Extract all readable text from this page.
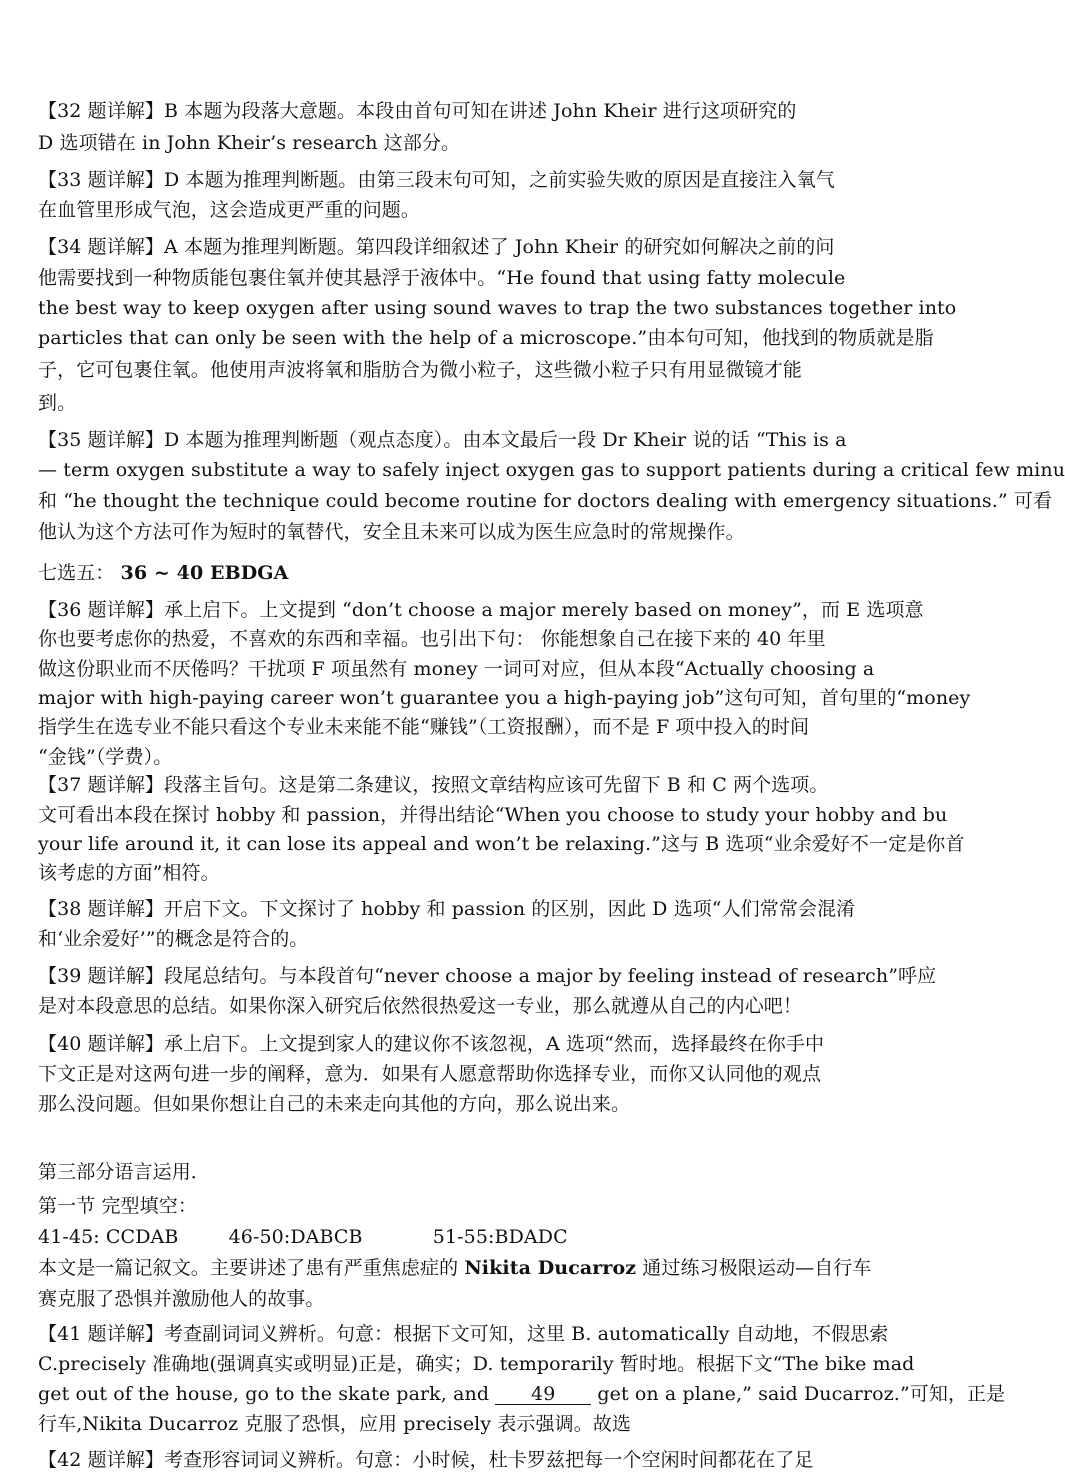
【32 题详解】B 本题为段落大意题。本段由首句可知在讲述 John Kheir 进行这项研究的
D 选项错在 in John Kheir’s research 这部分。
【33 题详解】D 本题为推理判断题。由第三段末句可知，之前实验失败的原因是直接注入氧气
在血管里形成气泡，这会造成更严重的问题。
【34 题详解】A 本题为推理判断题。第四段详细叙述了 John Kheir 的研究如何解决之前的问
他需要找到一种物质能包裹住氧并使其悬浮于液体中。“He found that using fatty molecule
the best way to keep oxygen after using sound waves to trap the two substances together into
particles that can only be seen with the help of a microscope.”由本句可知，他找到的物质就是脂
子，它可包裹住氧。他使用声波将氧和脂肪合为微小粒子，这些微小粒子只有用显微镜才能
到。
【35 题详解】D 本题为推理判断题（观点态度）。由本文最后一段 Dr Kheir 说的话 “This is a
— term oxygen substitute a way to safely inject oxygen gas to support patients during a critical few minu
和 “he thought the technique could become routine for doctors dealing with emergency situations.” 可看
他认为这个方法可作为短时的氧替代，安全且未来可以成为医生应急时的常规操作。
七选五： 36 ~ 40 EBDGA
【36 题详解】承上启下。上文提到 “don’t choose a major merely based on money”，而 E 选项意
你也要考虑你的热爱，不喜欢的东西和幸福。也引出下句： 你能想象自己在接下来的 40 年里
做这份职业而不厌倦吗？干扰项 F 项虽然有 money 一词可对应，但从本段“Actually choosing a
major with high-paying career won’t guarantee you a high-paying job”这句可知，首句里的“money
指学生在选专业不能只看这个专业未来能不能“赚钱”（工资报酬），而不是 F 项中投入的时间
“金钱”（学费）。
【37 题详解】段落主旨句。这是第二条建议，按照文章结构应该可先留下 B 和 C 两个选项。
文可看出本段在探讨 hobby 和 passion，并得出结论“When you choose to study your hobby and bu
your life around it, it can lose its appeal and won’t be relaxing.”这与 B 选项“业余爱好不一定是你首
该考虑的方面”相符。
【38 题详解】开启下文。下文探讨了 hobby 和 passion 的区别，因此 D 选项“人们常常会混淆
和‘业余爱好’”的概念是符合的。
【39 题详解】段尾总结句。与本段首句“never choose a major by feeling instead of research”呼应
是对本段意思的总结。如果你深入研究后依然很热爱这一专业，那么就遵从自己的内心吧！
【40 题详解】承上启下。上文提到家人的建议你不该忽视，A 选项“然而，选择最终在你手中
下文正是对这两句进一步的阐释，意为．如果有人愿意帮助你选择专业，而你又认同他的观点
那么没问题。但如果你想让自己的未来走向其他的方向，那么说出来。
第三部分语言运用．
第一节 完型填空：
41-45: CCDAB	46-50:DABCB	51-55:BDADC
本文是一篇记叙文。主要讲述了患有严重焦虑症的 Nikita Ducarroz 通过练习极限运动—自行车
赛克服了恐惧并激励他人的故事。
【41 题详解】考查副词词义辨析。句意：根据下文可知，这里 B. automatically 自动地，不假思索
C.precisely 准确地(强调真实或明显)正是，确实；D. temporarily 暂时地。根据下文“The bike mad
get out of the house, go to the skate park, and 49 get on a plane,” said Ducarroz.”可知，正是
行车,Nikita Ducarroz 克服了恐惧，应用 precisely 表示强调。故选
【42 题详解】考查形容词词义辨析。句意：小时候，杜卡罗兹把每一个空闲时间都花在了足
